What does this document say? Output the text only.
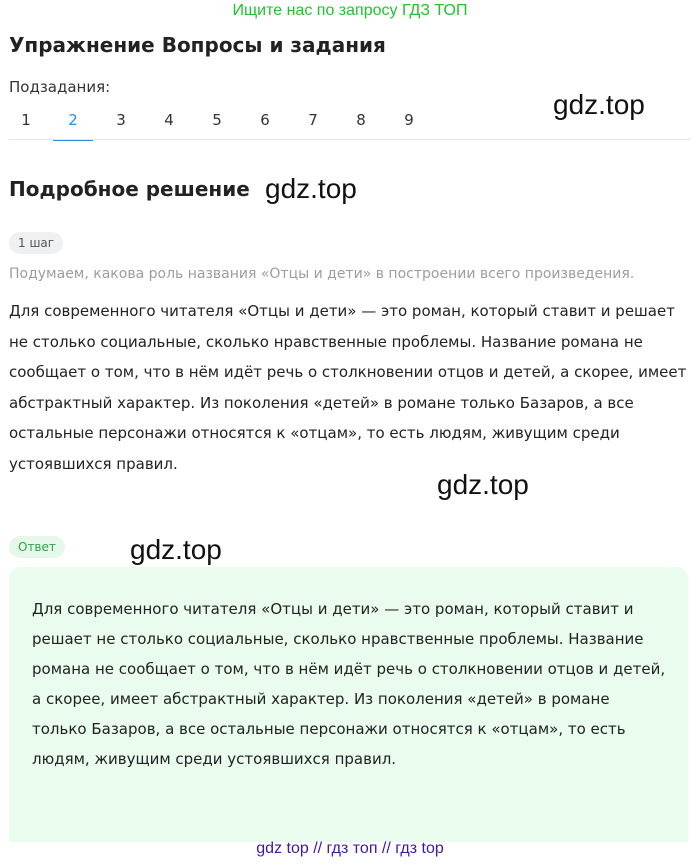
Ищите нас по запросу ГДЗ ТОП
Упражнение Вопросы и задания
Подзадания:
1	2	3	4	5	6	7	8	9	gdz.top
Подробное решение gdz.top
1 шаг
Подумаем, какова роль названия «Отцы и дети» в построении всего произведения.
Для современного читателя «Отцы и дети» — это роман, который ставит и решает не столько социальные, сколько нравственные проблемы. Название романа не сообщает о том, что в нём идёт речь о столкновении отцов и детей, а скорее, имеет абстрактный характер. Из поколения «детей» в романе только Базаров, а все остальные персонажи относятся к «отцам», то есть людям, живущим среди устоявшихся правил.
gdz.top
Ответ	gdz.top
Для современного читателя «Отцы и дети» — это роман, который ставит и решает не столько социальные, сколько нравственные проблемы. Название романа не сообщает о том, что в нём идёт речь о столкновении отцов и детей, а скорее, имеет абстрактный характер. Из поколения «детей» в романе только Базаров, а все остальные персонажи относятся к «отцам», то есть людям, живущим среди устоявшихся правил.
gdz top // гдз топ // гдз top
